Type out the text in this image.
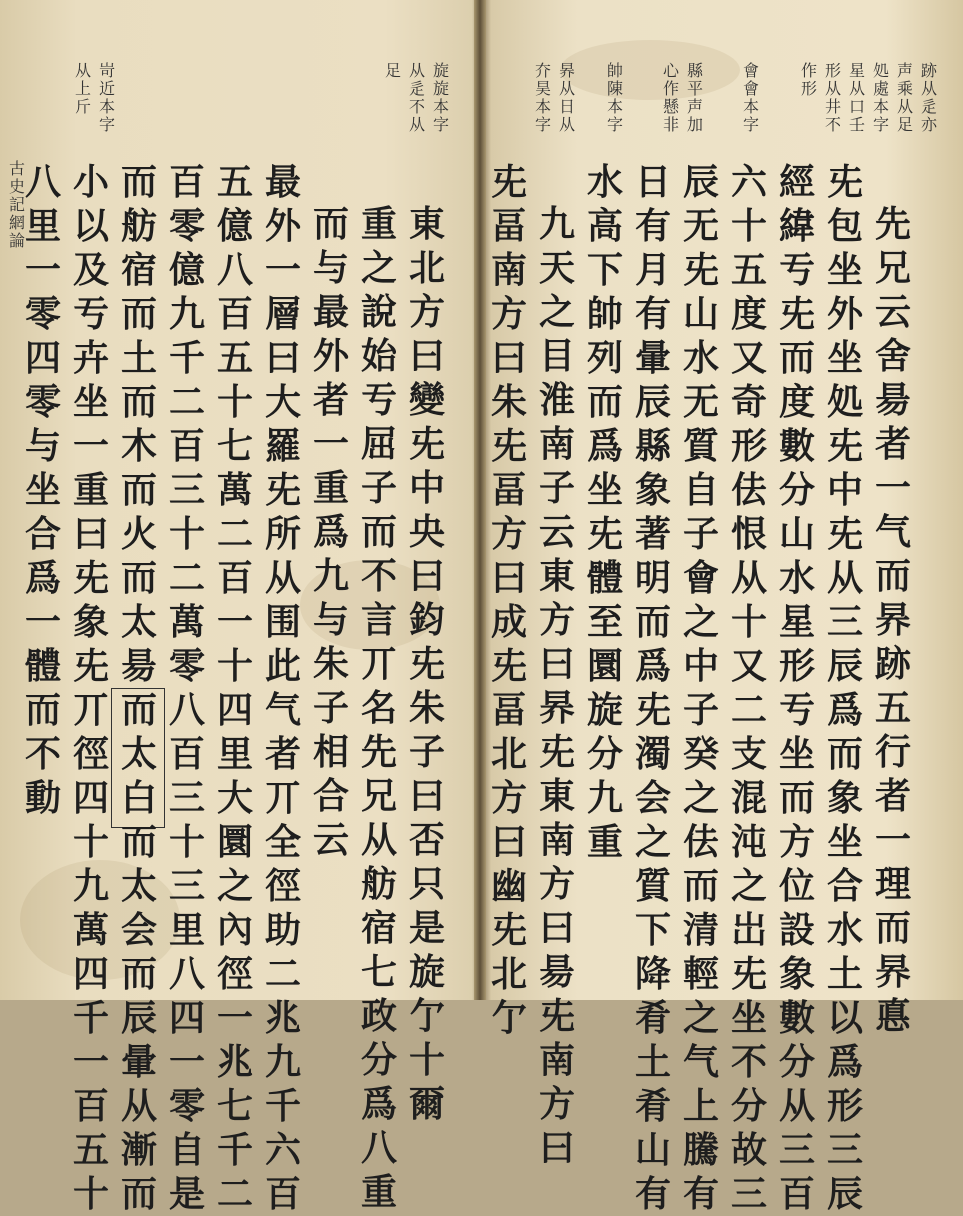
先
兄
云
舍
昜
者
一
气
而
昦
跡
五
行
者
一
理
而
昦
悳
兂
包
坐
外
坐
処
兂
中
兂
从
三
辰
爲
而
象
坐
合
水
土
以
爲
形
三
辰
經
緯
亐
兂
而
度
數
分
山
水
星
形
亐
坐
而
方
位
設
象
數
分
从
三
百
六
十
五
度
又
奇
形
佉
恨
从
十
又
二
支
混
沌
之
岀
兂
坐
不
分
故
三
辰
无
兂
山
水
无
質
自
子
會
之
中
子
癸
之
佉
而
清
輕
之
气
上
騰
有
日
有
月
有
暈
辰
縣
象
著
明
而
爲
兂
濁
会
之
質
下
降
肴
土
肴
山
有
水
高
下
帥
列
而
爲
坐
兂
體
至
圜
旋
分
九
重
九
天
之
目
淮
南
子
云
東
方
曰
昦
兂
東
南
方
曰
昜
兂
南
方
曰
兂
畐
南
方
曰
朱
兂
畐
方
曰
成
兂
畐
北
方
曰
幽
兂
北
亇
跡
从
辵
亦
声
乘
从
足
処
處
本
字
星
从
口
壬
形
从
井
不
作
形
會
會
本
字
縣
平
声
加
心
作
懸
非
帥
陳
本
字
昦
从
日
从
夰
昊
本
字
東
北
方
曰
變
兂
中
央
曰
鈞
兂
朱
子
曰
否
只
是
旋
亇
十
爾
重
之
說
始
亐
屈
子
而
不
言
丌
名
先
兄
从
舫
宿
七
政
分
爲
八
重
而
与
最
外
者
一
重
爲
九
与
朱
子
相
合
云
最
外
一
層
曰
大
羅
兂
所
从
围
此
气
者
丌
全
徑
助
二
兆
九
千
六
百
五
億
八
百
五
十
七
萬
二
百
一
十
四
里
大
圜
之
內
徑
一
兆
七
千
二
百
零
億
九
千
二
百
三
十
二
萬
零
八
百
三
十
三
里
八
四
一
零
自
是
而
舫
宿
而
土
而
木
而
火
而
太
昜
而
太
白
而
太
会
而
辰
暈
从
漸
而
小
以
及
亐
卉
坐
一
重
曰
兂
象
兂
丌
徑
四
十
九
萬
四
千
一
百
五
十
八
里
一
零
四
零
与
坐
合
爲
一
體
而
不
動
旋
旋
本
字
从
辵
不
从
足
岢
近
本
字
从
上
斤
古
史
記
網
論
